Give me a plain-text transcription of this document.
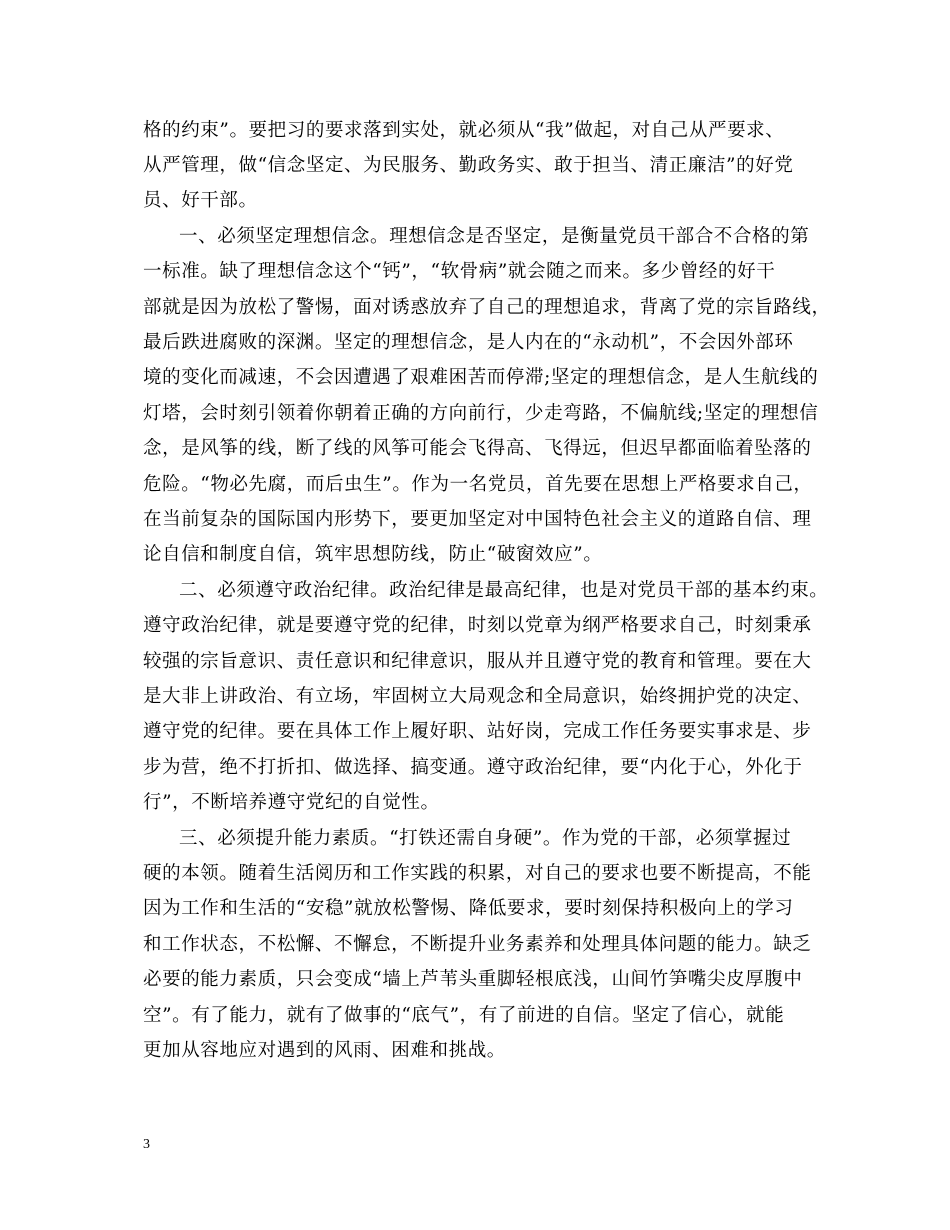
格的约束”。要把习的要求落到实处，就必须从“我”做起，对自己从严要求、
从严管理，做“信念坚定、为民服务、勤政务实、敢于担当、清正廉洁”的好党
员、好干部。
一、必须坚定理想信念。理想信念是否坚定，是衡量党员干部合不合格的第
一标准。缺了理想信念这个“钙”，“软骨病”就会随之而来。多少曾经的好干
部就是因为放松了警惕，面对诱惑放弃了自己的理想追求，背离了党的宗旨路线，
最后跌进腐败的深渊。坚定的理想信念，是人内在的“永动机”，不会因外部环
境的变化而减速，不会因遭遇了艰难困苦而停滞;坚定的理想信念，是人生航线的
灯塔，会时刻引领着你朝着正确的方向前行，少走弯路，不偏航线;坚定的理想信
念，是风筝的线，断了线的风筝可能会飞得高、飞得远，但迟早都面临着坠落的
危险。“物必先腐，而后虫生”。作为一名党员，首先要在思想上严格要求自己，
在当前复杂的国际国内形势下，要更加坚定对中国特色社会主义的道路自信、理
论自信和制度自信，筑牢思想防线，防止“破窗效应”。
二、必须遵守政治纪律。政治纪律是最高纪律，也是对党员干部的基本约束。
遵守政治纪律，就是要遵守党的纪律，时刻以党章为纲严格要求自己，时刻秉承
较强的宗旨意识、责任意识和纪律意识，服从并且遵守党的教育和管理。要在大
是大非上讲政治、有立场，牢固树立大局观念和全局意识，始终拥护党的决定、
遵守党的纪律。要在具体工作上履好职、站好岗，完成工作任务要实事求是、步
步为营，绝不打折扣、做选择、搞变通。遵守政治纪律，要“内化于心，外化于
行”，不断培养遵守党纪的自觉性。
三、必须提升能力素质。“打铁还需自身硬”。作为党的干部，必须掌握过
硬的本领。随着生活阅历和工作实践的积累，对自己的要求也要不断提高，不能
因为工作和生活的“安稳”就放松警惕、降低要求，要时刻保持积极向上的学习
和工作状态，不松懈、不懈怠，不断提升业务素养和处理具体问题的能力。缺乏
必要的能力素质，只会变成“墙上芦苇头重脚轻根底浅，山间竹笋嘴尖皮厚腹中
空”。有了能力，就有了做事的“底气”，有了前进的自信。坚定了信心，就能
更加从容地应对遇到的风雨、困难和挑战。
3
